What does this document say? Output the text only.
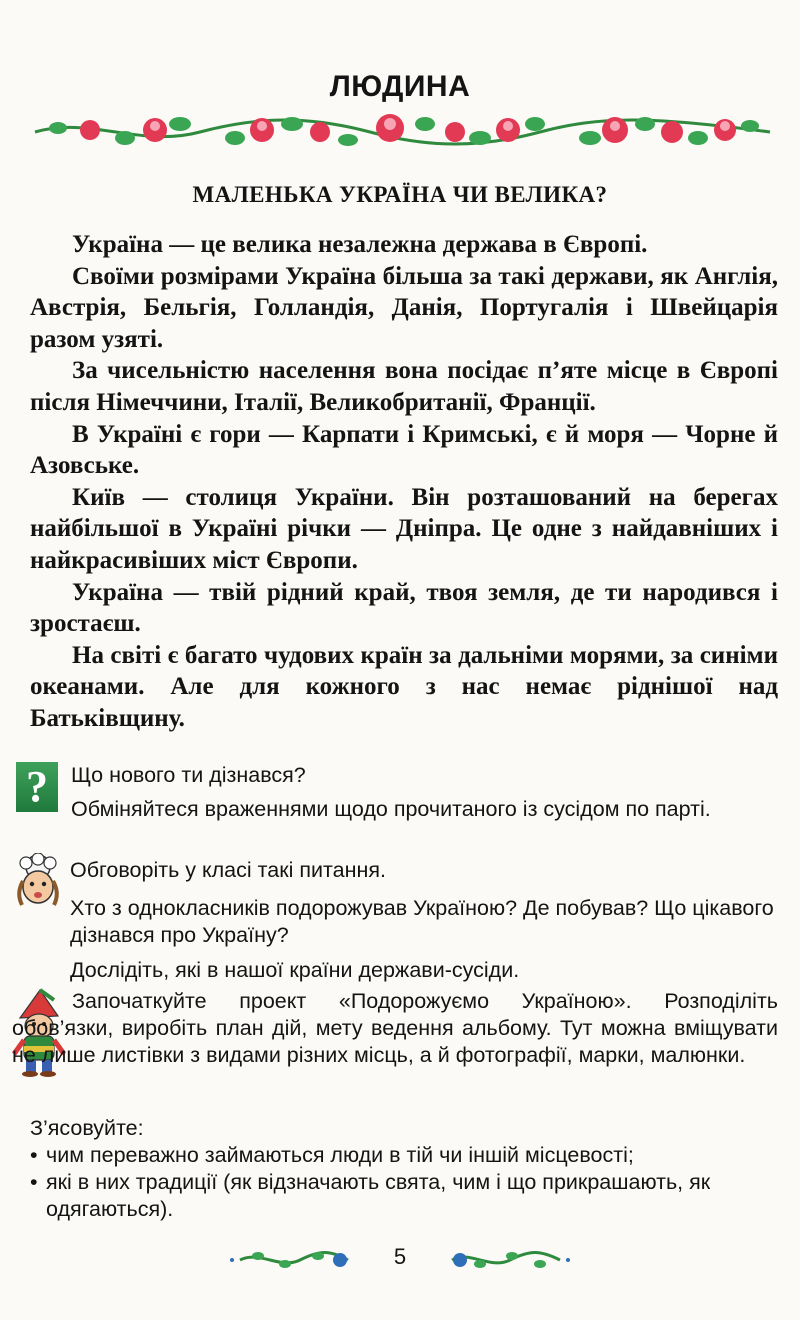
ЛЮДИНА
МАЛЕНЬКА УКРАЇНА ЧИ ВЕЛИКА?

Україна — це велика незалежна держава в Європі.

Своїми розмірами Україна більша за такі держави, як Англія, Австрія, Бельгія, Голландія, Данія, Португалія і Швейцарія разом узяті.

За чисельністю населення вона посідає п’яте місце в Європі після Німеччини, Італії, Великобританії, Франції.

В Україні є гори — Карпати і Кримські, є й моря — Чорне й Азовське.

Київ — столиця України. Він розташований на берегах найбільшої в Україні річки — Дніпра. Це одне з найдавніших і найкрасивіших міст Європи.

Україна — твій рідний край, твоя земля, де ти народився і зростаєш.

На світі є багато чудових країн за дальніми морями, за синіми океанами. Але для кожного з нас немає ріднішої над Батьківщину.

?	Що нового ти дізнався?

Обміняйтеся враженнями щодо прочитаного із сусідом по парті.

Обговоріть у класі такі питання.

Хто з однокласників подорожував Україною? Де побував? Що цікавого дізнався про Україну?

Дослідіть, які в нашої країни держави-сусіди.

Започаткуйте проект «Подорожуємо Україною». Розподіліть обов’язки, виробіть план дій, мету ведення альбому. Тут можна вміщувати не лише листівки з видами різних місць, а й фотографії, марки, малюнки.

З’ясовуйте:

• чим переважно займаються люди в тій чи іншій місцевості;
• які в них традиції (як відзначають свята, чим і що прикрашають, як одягаються).
5
